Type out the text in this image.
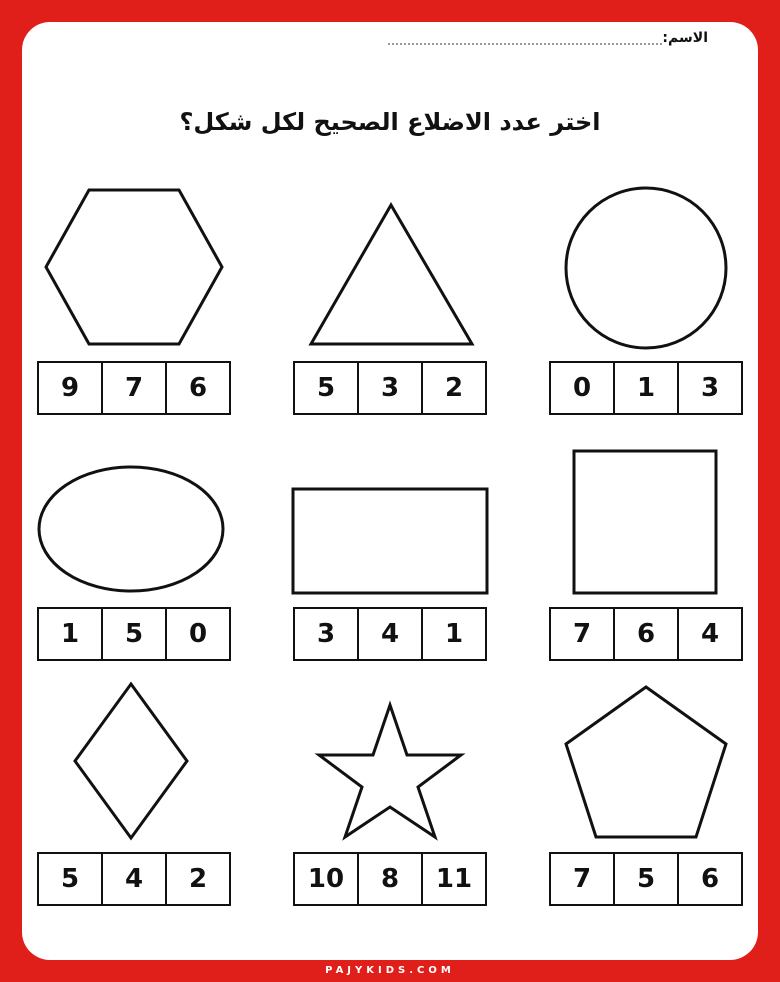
الاسم:
اختر عدد الاضلاع الصحيح لكل شكل؟
9	7	6	5	3	2	0	1	3
1	5	0	3	4	1	7	6	4
5	4	2	10	8	11	7	5	6
PAJYKIDS.COM
